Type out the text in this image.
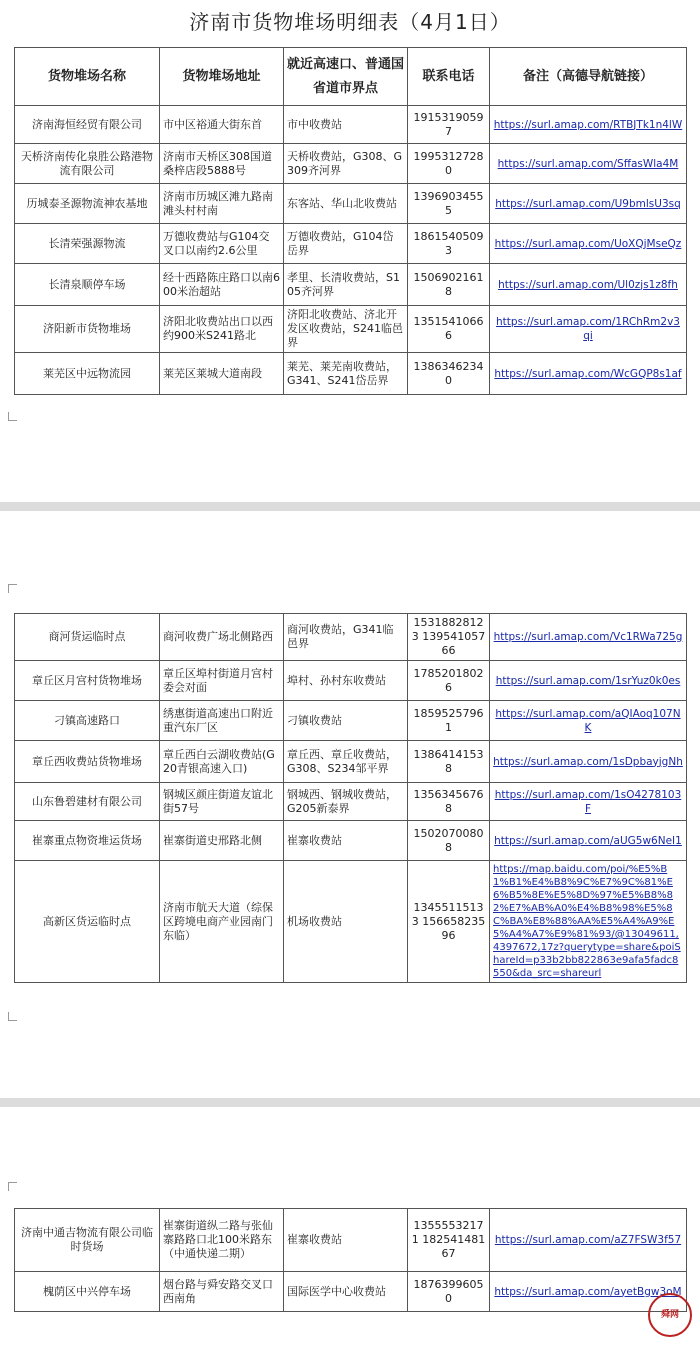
济南市货物堆场明细表（4月1日）
货物堆场名称	货物堆场地址	就近高速口、普通国省道市界点	联系电话	备注（高德导航链接）
济南海恒经贸有限公司	市中区裕通大街东首	市中收费站	19153190597	https://surl.amap.com/RTBJTk1n4lW
天桥济南传化泉胜公路港物流有限公司	济南市天桥区308国道桑梓店段5888号	天桥收费站，G308、G309齐河界	19953127280	https://surl.amap.com/SffasWla4M
历城泰圣源物流神农基地	济南市历城区滩九路南滩头村村南	东客站、华山北收费站	13969034555	https://surl.amap.com/U9bmlsU3sq
长清荣强源物流	万德收费站与G104交叉口以南约2.6公里	万德收费站，G104岱岳界	18615405093	https://surl.amap.com/UoXQjMseQz
长清泉顺停车场	经十西路陈庄路口以南600米治超站	孝里、长清收费站，S105齐河界	15069021618	https://surl.amap.com/Ul0zjs1z8fh
济阳新市货物堆场	济阳北收费站出口以西约900米S241路北	济阳北收费站、济北开发区收费站，S241临邑界	13515410666	https://surl.amap.com/1RChRm2v3qi
莱芜区中远物流园	莱芜区莱城大道南段	莱芜、莱芜南收费站，G341、S241岱岳界	13863462340	https://surl.amap.com/WcGQP8s1af
商河货运临时点	商河收费广场北侧路西	商河收费站，G341临邑界	15318828123 13954105766	https://surl.amap.com/Vc1RWa725g
章丘区月宫村货物堆场	章丘区埠村街道月宫村委会对面	埠村、孙村东收费站	17852018026	https://surl.amap.com/1srYuz0k0es
刁镇高速路口	绣惠街道高速出口附近重汽东厂区	刁镇收费站	18595257961	https://surl.amap.com/aQIAoq107NK
章丘西收费站货物堆场	章丘西白云湖收费站(G20青银高速入口)	章丘西、章丘收费站，G308、S234邹平界	13864141538	https://surl.amap.com/1sDpbayjgNh
山东鲁碧建材有限公司	钢城区颜庄街道友谊北街57号	钢城西、钢城收费站，G205新泰界	13563456768	https://surl.amap.com/1sO4278103F
崔寨重点物资堆运货场	崔寨街道史邢路北侧	崔寨收费站	15020700808	https://surl.amap.com/aUG5w6NeI1
高新区货运临时点	济南市航天大道（综保区跨境电商产业园南门东临）	机场收费站	13455115133 15665823596	https://map.baidu.com/poi/%E5%B1%B1%E4%B8%9C%E7%9C%81%E6%B5%8E%E5%8D%97%E5%B8%82%E7%AB%A0%E4%B8%98%E5%8C%BA%E8%88%AA%E5%A4%A9%E5%A4%A7%E9%81%93/@13049611,4397672,17z?querytype=share&poiShareId=p33b2bb822863e9afa5fadc8550&da_src=shareurl
济南中通吉物流有限公司临时货场	崔寨街道纵二路与张仙寨路路口北100米路东（中通快递二期）	崔寨收费站	13555532171 18254148167	https://surl.amap.com/aZ7FSW3f57
槐荫区中兴停车场	烟台路与舜安路交叉口西南角	国际医学中心收费站	18763996050	https://surl.amap.com/ayetBgw3oM
舜网
